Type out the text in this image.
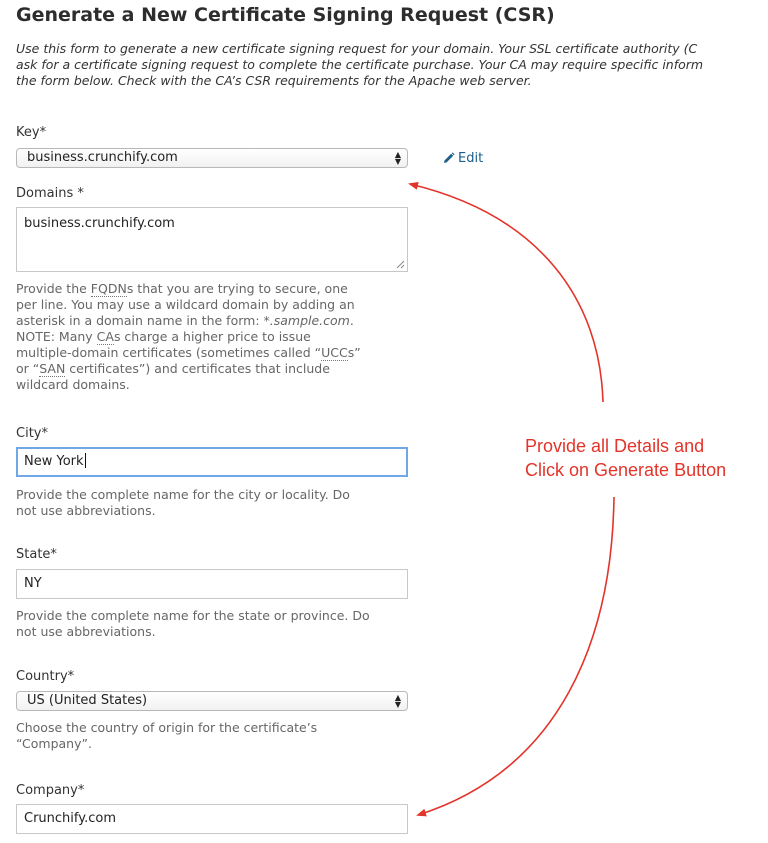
Generate a New Certificate Signing Request (CSR)
Use this form to generate a new certificate signing request for your domain. Your SSL certificate authority (C
ask for a certificate signing request to complete the certificate purchase. Your CA may require specific inform
the form below. Check with the CA’s CSR requirements for the Apache web server.
Key*
business.crunchify.com	▲
▼	Edit
Domains *
business.crunchify.com
Provide the FQDNs that you are trying to secure, one
per line. You may use a wildcard domain by adding an
asterisk in a domain name in the form: *.sample.com.
NOTE: Many CAs charge a higher price to issue
multiple-domain certificates (sometimes called “UCCs”
or “SAN certificates”) and certificates that include
wildcard domains.
City*
New York
Provide the complete name for the city or locality. Do
not use abbreviations.
State*
NY
Provide the complete name for the state or province. Do
not use abbreviations.
Country*
US (United States)	▲
▼
Choose the country of origin for the certificate’s
“Company”.
Company*
Crunchify.com
Provide all Details and
Click on Generate Button
